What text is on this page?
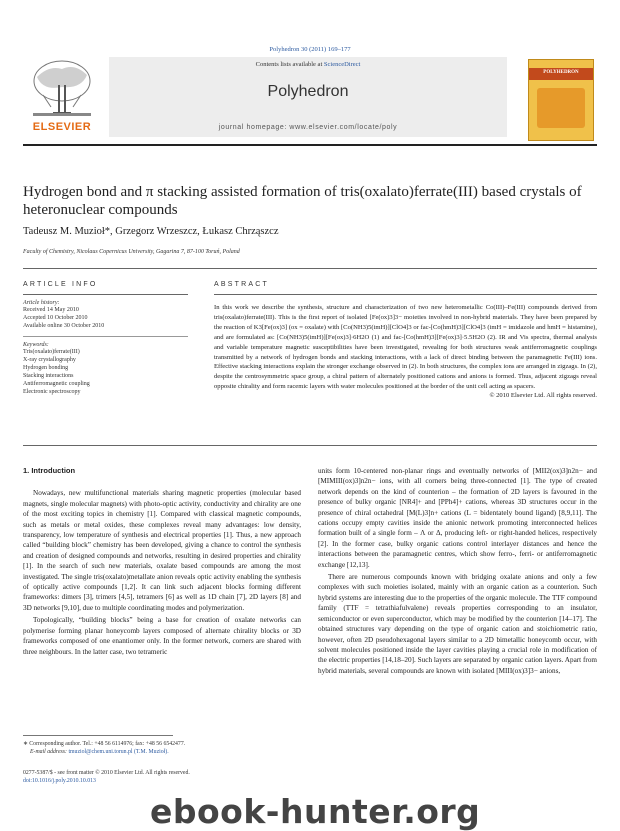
Polyhedron 30 (2011) 169–177
ELSEVIER
Contents lists available at ScienceDirect
Polyhedron
journal homepage: www.elsevier.com/locate/poly
POLYHEDRON
Hydrogen bond and π stacking assisted formation of tris(oxalato)ferrate(III) based crystals of heteronuclear compounds
Tadeusz M. Muzioł*, Grzegorz Wrzeszcz, Łukasz Chrząszcz
Faculty of Chemistry, Nicolaus Copernicus University, Gagarina 7, 87-100 Toruń, Poland
ARTICLE INFO
Article history:
Received 14 May 2010
Accepted 10 October 2010
Available online 30 October 2010
Keywords:
Tris(oxalato)ferrate(III)
X-ray crystallography
Hydrogen bonding
Stacking interactions
Antiferromagnetic coupling
Electronic spectroscopy
ABSTRACT
In this work we describe the synthesis, structure and characterization of two new heterometallic Co(III)–Fe(III) compounds derived from tris(oxalato)ferrate(III). This is the first report of isolated [Fe(ox)3]3− moieties involved in non-hybrid materials. They have been prepared by the reaction of K3[Fe(ox)3] (ox = oxalate) with [Co(NH3)5(imH)][ClO4]3 or fac-[Co(hmH)3][ClO4]3 (imH = imidazole and hmH = histamine), and are formulated as: [Co(NH3)5(imH)][Fe(ox)3]·6H2O (1) and fac-[Co(hmH)3][Fe(ox)3]·5.5H2O (2). IR and Vis spectra, thermal analysis and variable temperature magnetic susceptibilities have been investigated, revealing for both structures weak antiferromagnetic couplings transmitted by a network of hydrogen bonds and stacking interactions, with a lack of direct binding between the paramagnetic Fe(III) ions. Effective stacking interactions explain the stronger exchange observed in (2). In both structures, the complex ions are arranged in zigzags. In (2), despite the centrosymmetric space group, a chiral pattern of alternately positioned cations and anions is formed. Thus, adjacent zigzags reveal opposite chirality and form racemic layers with water molecules positioned at the border of the unit cell acting as spacers.
© 2010 Elsevier Ltd. All rights reserved.
1. Introduction

Nowadays, new multifunctional materials sharing magnetic properties (molecular based magnets, single molecular magnets) with photo-optic activity, conductivity and chirality are one of the most exciting topics in chemistry [1]. Compared with classical magnetic compounds, such as metals or metal oxides, these complexes reveal many advantages: low density, transparency, low temperature of synthesis and electrical properties [1]. Thus, a new approach called “building block” chemistry has been developed, giving a chance to control the synthesis and creation of designed compounds and networks, resulting in desired properties and chirality [1]. In the search of such new materials, oxalate based compounds are among the most investigated. The single tris(oxalato)metallate anion reveals optic activity enabling the synthesis of optically active compounds [1,2]. It can link such adjacent blocks forming different frameworks: dimers [3], trimers [4,5], tetramers [6] as well as 1D chain [7], 2D layers [8] and 3D networks [9,10], due to multiple coordinating modes and polymerization.

Topologically, “building blocks” being a base for creation of oxalate networks can polymerise forming planar honeycomb layers composed of alternate chirality blocks or 3D frameworks composed of one enantiomer only. In the former network, corners are shared with three neighbours. In the latter case, two tetrameric

units form 10-centered non-planar rings and eventually networks of [MII2(ox)3]n2n− and [MIMIII(ox)3]n2n− ions, with all corners being three-connected [1]. The type of created network depends on the kind of counterion – the formation of 2D layers is favoured in the presence of bulky organic [NR4]+ and [PPh4]+ cations, whereas 3D structures occur in the presence of chiral octahedral [M(L)3]n+ cations (L = bidentately bound ligand) [8,9,11]. The cations occupy empty cavities inside the anionic network promoting interconnected helices formation built of a single form – Λ or Δ, producing left- or right-handed helices, respectively [2]. In the former case, bulky organic cations control interlayer distances and hence the interactions between the paramagnetic centres, which show ferro-, ferri- or antiferromagnetic exchange [12,13].

There are numerous compounds known with bridging oxalate anions and only a few complexes with such moieties isolated, mainly with an organic cation as a counterion. Such hybrid systems are interesting due to the properties of the organic molecule. The TTF compound family (TTF = tetrathiafulvalene) reveals properties corresponding to an insulator, semiconductor or even superconductor, which may be modified by the counterion [14–17]. The obtained structures vary depending on the type of organic cation and stoichiometric ratio, however, often 2D pseudohexagonal layers similar to a 2D bimetallic honeycomb occur, with solvent molecules positioned inside the layer cavities playing a crucial role in modification of the electric properties [14,18–20]. Such layers are separated by organic cation layers. Apart from hybrid materials, several compounds are known with isolated [MIII(ox)3]3− anions,

∗ Corresponding author. Tel.: +48 56 6114976; fax: +48 56 6542477.
E-mail address: tmuziol@chem.uni.torun.pl (T.M. Muzioł).
0277-5387/$ - see front matter © 2010 Elsevier Ltd. All rights reserved.
doi:10.1016/j.poly.2010.10.013
ebook-hunter.org
